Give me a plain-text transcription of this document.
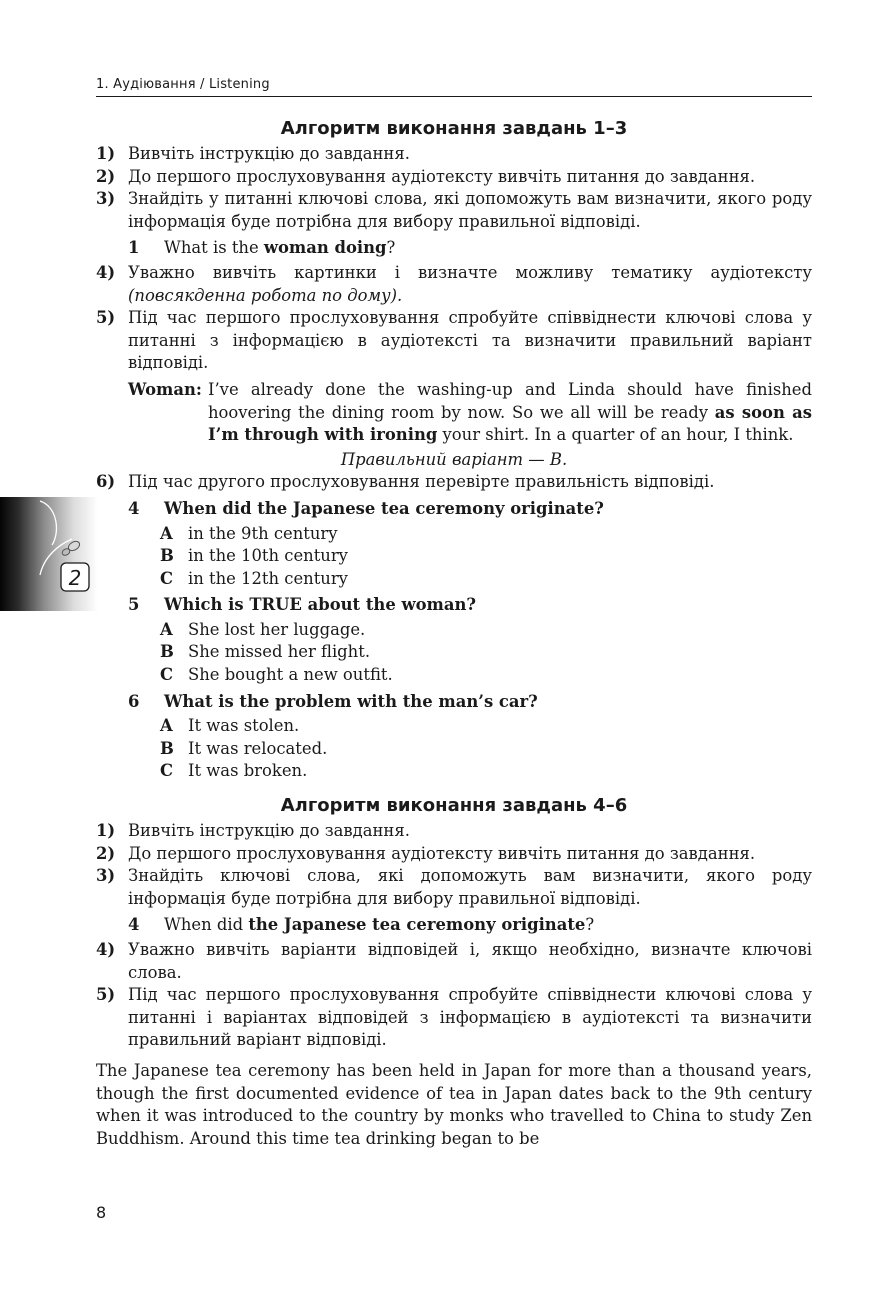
1. Аудіювання / Listening
2
Алгоритм виконання завдань 1–3
1) Вивчіть інструкцію до завдання.
2) До першого прослуховування аудіотексту вивчіть питання до завдання.
3) Знайдіть у питанні ключові слова, які допоможуть вам визначити, якого роду інформація буде потрібна для вибору правильної відповіді.
1	What is the woman doing?
4) Уважно вивчіть картинки і визначте можливу тематику аудіотексту (повсякденна робота по дому).
5) Під час першого прослуховування спробуйте співвіднести ключові слова у питанні з інформацією в аудіотексті та визначити правильний варіант відповіді.
Woman: I’ve already done the washing-up and Linda should have finished hoovering the dining room by now. So we all will be ready as soon as I’m through with ironing your shirt. In a quarter of an hour, I think.
Правильний варіант — B.
6) Під час другого прослуховування перевірте правильність відповіді.
4	When did the Japanese tea ceremony originate?
A in the 9th century
B in the 10th century
C in the 12th century
5	Which is TRUE about the woman?
A She lost her luggage.
B She missed her flight.
C She bought a new outfit.
6	What is the problem with the man’s car?
A It was stolen.
B It was relocated.
C It was broken.
Алгоритм виконання завдань 4–6
1) Вивчіть інструкцію до завдання.
2) До першого прослуховування аудіотексту вивчіть питання до завдання.
3) Знайдіть ключові слова, які допоможуть вам визначити, якого роду інформація буде потрібна для вибору правильної відповіді.
4	When did the Japanese tea ceremony originate?
4) Уважно вивчіть варіанти відповідей і, якщо необхідно, визначте ключові слова.
5) Під час першого прослуховування спробуйте співвіднести ключові слова у питанні і варіантах відповідей з інформацією в аудіотексті та визначити правильний варіант відповіді.
The Japanese tea ceremony has been held in Japan for more than a thousand years, though the first documented evidence of tea in Japan dates back to the 9th century when it was introduced to the country by monks who travelled to China to study Zen Buddhism. Around this time tea drinking began to be
8
